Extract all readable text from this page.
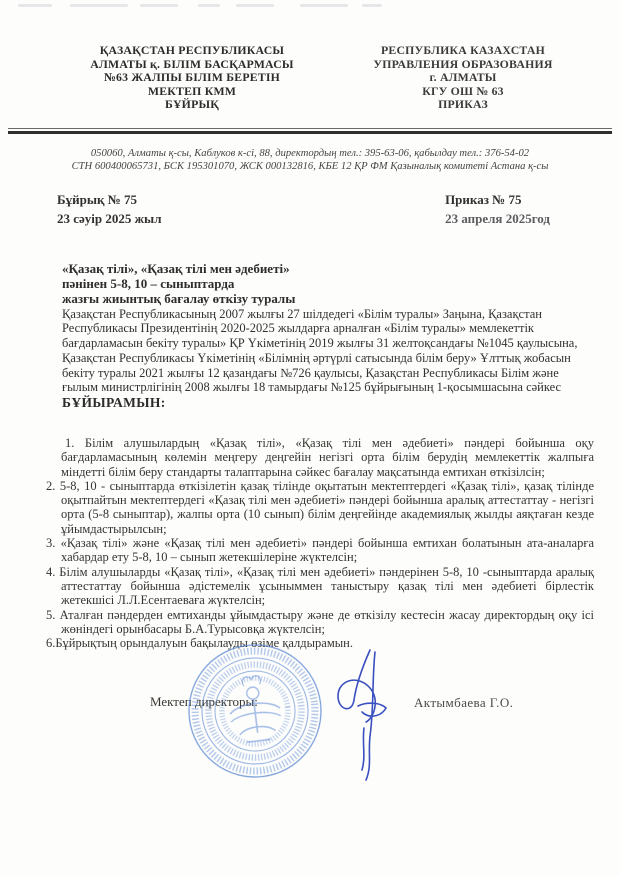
ҚАЗАҚСТАН РЕСПУБЛИКАСЫ
АЛМАТЫ қ. БІЛІМ БАСҚАРМАСЫ
№63 ЖАЛПЫ БІЛІМ БЕРЕТІН
МЕКТЕП КММ
БҰЙРЫҚ
РЕСПУБЛИКА КАЗАХСТАН
УПРАВЛЕНИЯ ОБРАЗОВАНИЯ
г. АЛМАТЫ
КГУ ОШ № 63
ПРИКАЗ
050060, Алматы қ-сы, Каблуков к-сі, 88, директордың тел.: 395-63-06, қабылдау тел.: 376-54-02
СТН 600400065731, БСК 195301070, ЖСК 000132816, КБЕ 12 ҚР ФМ Қазыналық комитеті Астана қ-сы
Бұйрық № 75
23 сәуір 2025 жыл
Приказ № 75
23 апреля 2025год
«Қазақ тілі», «Қазақ тілі мен әдебиеті»
пәнінен 5-8, 10 – сыныптарда
жазғы жиынтық бағалау өткізу туралы
Қазақстан Республикасының 2007 жылғы 27 шілдедегі «Білім туралы» Заңына, Қазақстан
Республикасы Президентінің 2020-2025 жылдарға арналған «Білім туралы» мемлекеттік
бағдарламасын бекіту туралы» ҚР Үкіметінің 2019 жылғы 31 желтоқсандағы №1045 қаулысына,
Қазақстан Республикасы Үкіметінің «Білімнің әртүрлі сатысында білім беру» Ұлттық жобасын
бекіту туралы 2021 жылғы 12 қазандағы №726 қаулысы, Қазақстан Республикасы Білім және
ғылым министрлігінің 2008 жылғы 18 тамырдағы №125 бұйрығының 1-қосымшасына сәйкес
БҰЙЫРАМЫН:
1. Білім алушылардың «Қазақ тілі», «Қазақ тілі мен әдебиеті» пәндері бойынша оқу бағдарламасының көлемін меңгеру деңгейін негізгі орта білім берудің мемлекеттік жалпыға міндетті білім беру стандарты талаптарына сәйкес бағалау мақсатында емтихан өткізілсін;
2. 5-8, 10 - сыныптарда өткізілетін қазақ тілінде оқытатын мектептердегі «Қазақ тілі», қазақ тілінде оқытпайтын мектептердегі «Қазақ тілі мен әдебиеті» пәндері бойынша аралық аттестаттау - негізгі орта (5-8 сыныптар), жалпы орта (10 сынып) білім деңгейінде академиялық жылды аяқтаған кезде ұйымдастырылсын;
3. «Қазақ тілі» және «Қазақ тілі мен әдебиеті» пәндері бойынша емтихан болатынын ата-аналарға хабардар ету 5-8, 10 – сынып жетекшілеріне жүктелсін;
4. Білім алушыларды «Қазақ тілі», «Қазақ тілі мен әдебиеті» пәндерінен 5-8, 10 -сыныптарда аралық аттестаттау бойынша әдістемелік ұсыныммен таныстыру қазақ тілі мен әдебиеті бірлестік жетекшісі Л.Л.Есентаеваға жүктелсін;
5. Аталған пәндерден емтиханды ұйымдастыру және де өткізілу кестесін жасау директордың оқу ісі жөніндегі орынбасары Б.А.Турысовқа жүктелсін;
6.Бұйрықтың орындалуын бақылауды өзіме қалдырамын.
Мектеп директоры:	Актымбаева Г.О.
